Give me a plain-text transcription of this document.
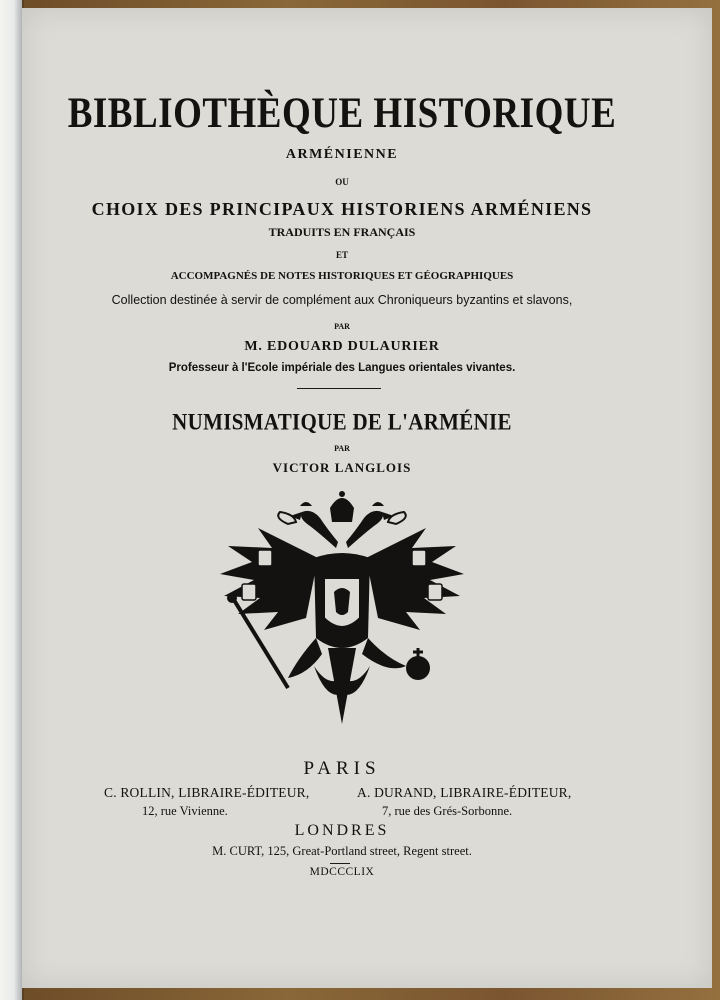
BIBLIOTHÈQUE HISTORIQUE
ARMÉNIENNE
OU
CHOIX DES PRINCIPAUX HISTORIENS ARMÉNIENS
TRADUITS EN FRANÇAIS
ET
ACCOMPAGNÉS DE NOTES HISTORIQUES ET GÉOGRAPHIQUES
Collection destinée à servir de complément aux Chroniqueurs byzantins et slavons,
PAR
M. EDOUARD DULAURIER
Professeur à l'Ecole impériale des Langues orientales vivantes.
NUMISMATIQUE DE L'ARMÉNIE
PAR
VICTOR LANGLOIS
PARIS
C. ROLLIN, LIBRAIRE-ÉDITEUR,	A. DURAND, LIBRAIRE-ÉDITEUR,
12, rue Vivienne.	7, rue des Grés-Sorbonne.
LONDRES
M. CURT, 125, Great-Portland street, Regent street.
MDCCCLIX
